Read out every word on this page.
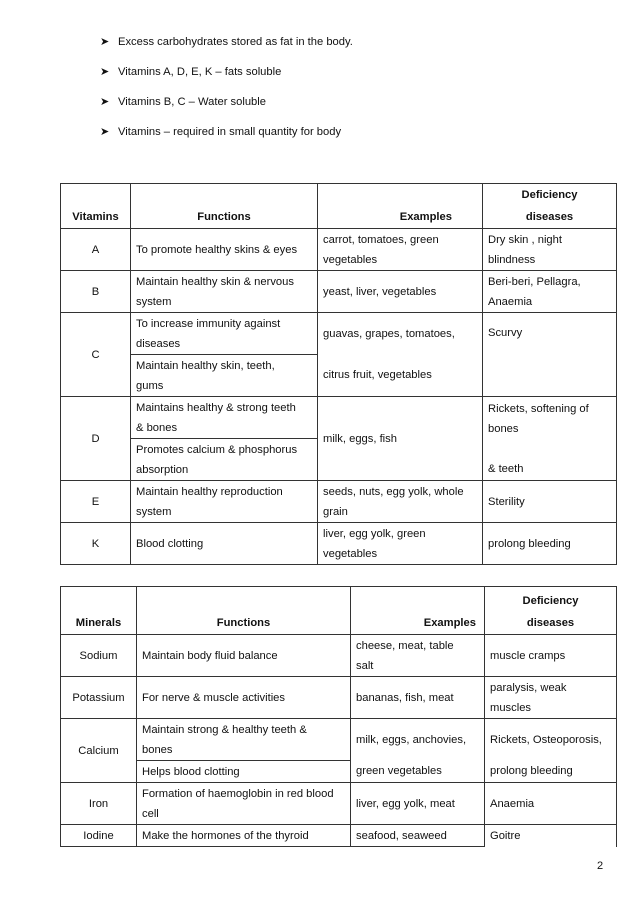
➤ Excess carbohydrates stored as fat in the body.
➤ Vitamins A, D, E, K – fats soluble
➤ Vitamins B, C – Water soluble
➤ Vitamins – required in small quantity for body
Vitamins	Functions	Examples	Deficiency
diseases
A	To promote healthy skins & eyes	carrot, tomatoes, green
vegetables	Dry skin , night
blindness
B	Maintain healthy skin & nervous
system	yeast, liver, vegetables	Beri-beri, Pellagra,
Anaemia
C	To increase immunity against
diseases	guavas, grapes, tomatoes,	Scurvy
	Maintain healthy skin, teeth,
gums	citrus fruit, vegetables	
D	Maintains healthy & strong teeth
& bones	milk, eggs, fish	Rickets, softening of
bones
& teeth
	Promotes calcium & phosphorus
absorption		
E	Maintain healthy reproduction
system	seeds, nuts, egg yolk, whole
grain	Sterility
K	Blood clotting	liver, egg yolk, green
vegetables	prolong bleeding
Minerals	Functions	Examples	Deficiency
diseases
Sodium	Maintain body fluid balance	cheese, meat, table
salt	muscle cramps
Potassium	For nerve & muscle activities	bananas, fish, meat	paralysis, weak
muscles
Calcium	Maintain strong & healthy teeth &
bones	milk, eggs, anchovies,	Rickets, Osteoporosis,
	Helps blood clotting	green vegetables	prolong bleeding
Iron	Formation of haemoglobin in red blood
cell	liver, egg yolk, meat	Anaemia
Iodine	Make the hormones of the thyroid	seafood, seaweed	Goitre
2
